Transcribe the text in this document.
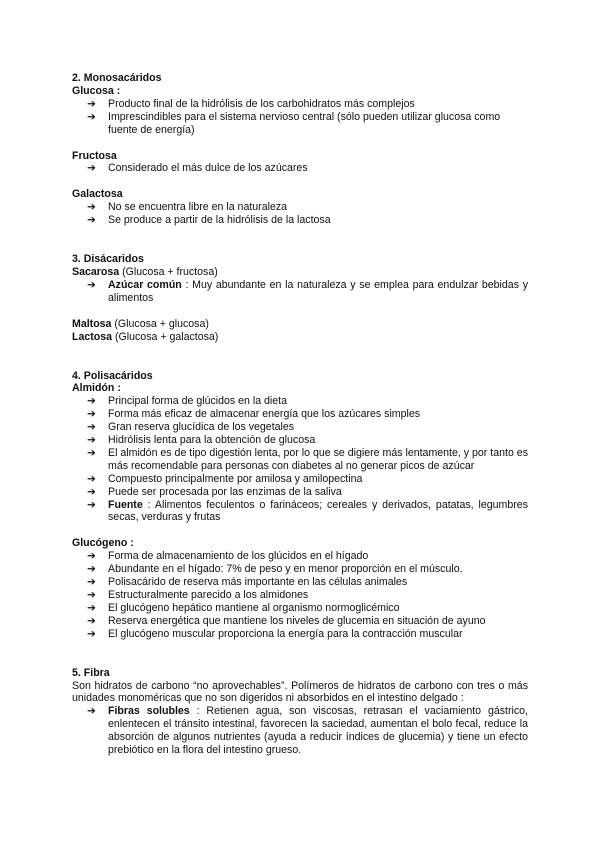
2. Monosacáridos
Glucosa :
➔	Producto final de la hidrólisis de los carbohidratos más complejos
➔	Imprescindibles para el sistema nervioso central (sólo pueden utilizar glucosa como fuente de energía)
Fructosa
➔	Considerado el más dulce de los azúcares
Galactosa
➔	No se encuentra libre en la naturaleza
➔	Se produce a partir de la hidrólisis de la lactosa
3. Disácaridos
Sacarosa (Glucosa + fructosa)
➔	Azúcar común : Muy abundante en la naturaleza y se emplea para endulzar bebidas y alimentos
Maltosa (Glucosa + glucosa)
Lactosa (Glucosa + galactosa)
4. Polisacáridos
Almidón :
➔	Principal forma de glúcidos en la dieta
➔	Forma más eficaz de almacenar energía que los azúcares simples
➔	Gran reserva glucídica de los vegetales
➔	Hidrólisis lenta para la obtención de glucosa
➔	El almidón es de tipo digestión lenta, por lo que se digiere más lentamente, y por tanto es más recomendable para personas con diabetes al no generar picos de azúcar
➔	Compuesto principalmente por amilosa y amilopectina
➔	Puede ser procesada por las enzimas de la saliva
➔	Fuente : Alimentos feculentos o farináceos; cereales y derivados, patatas, legumbres secas, verduras y frutas
Glucógeno :
➔	Forma de almacenamiento de los glúcidos en el hígado
➔	Abundante en el hígado: 7% de peso y en menor proporción en el músculo.
➔	Polisacárido de reserva más importante en las células animales
➔	Estructuralmente parecido a los almidones
➔	El glucógeno hepático mantiene al organismo normoglicémico
➔	Reserva energética que mantiene los niveles de glucemia en situación de ayuno
➔	El glucógeno muscular proporciona la energía para la contracción muscular
5. Fibra
Son hidratos de carbono “no aprovechables”. Polímeros de hidratos de carbono con tres o más unidades monoméricas que no son digeridos ni absorbidos en el intestino delgado :
➔	Fibras solubles : Retienen agua, son viscosas, retrasan el vaciamiento gástrico, enlentecen el tránsito intestinal, favorecen la saciedad, aumentan el bolo fecal, reduce la absorción de algunos nutrientes (ayuda a reducir índices de glucemia) y tiene un efecto prebiótico en la flora del intestino grueso.
